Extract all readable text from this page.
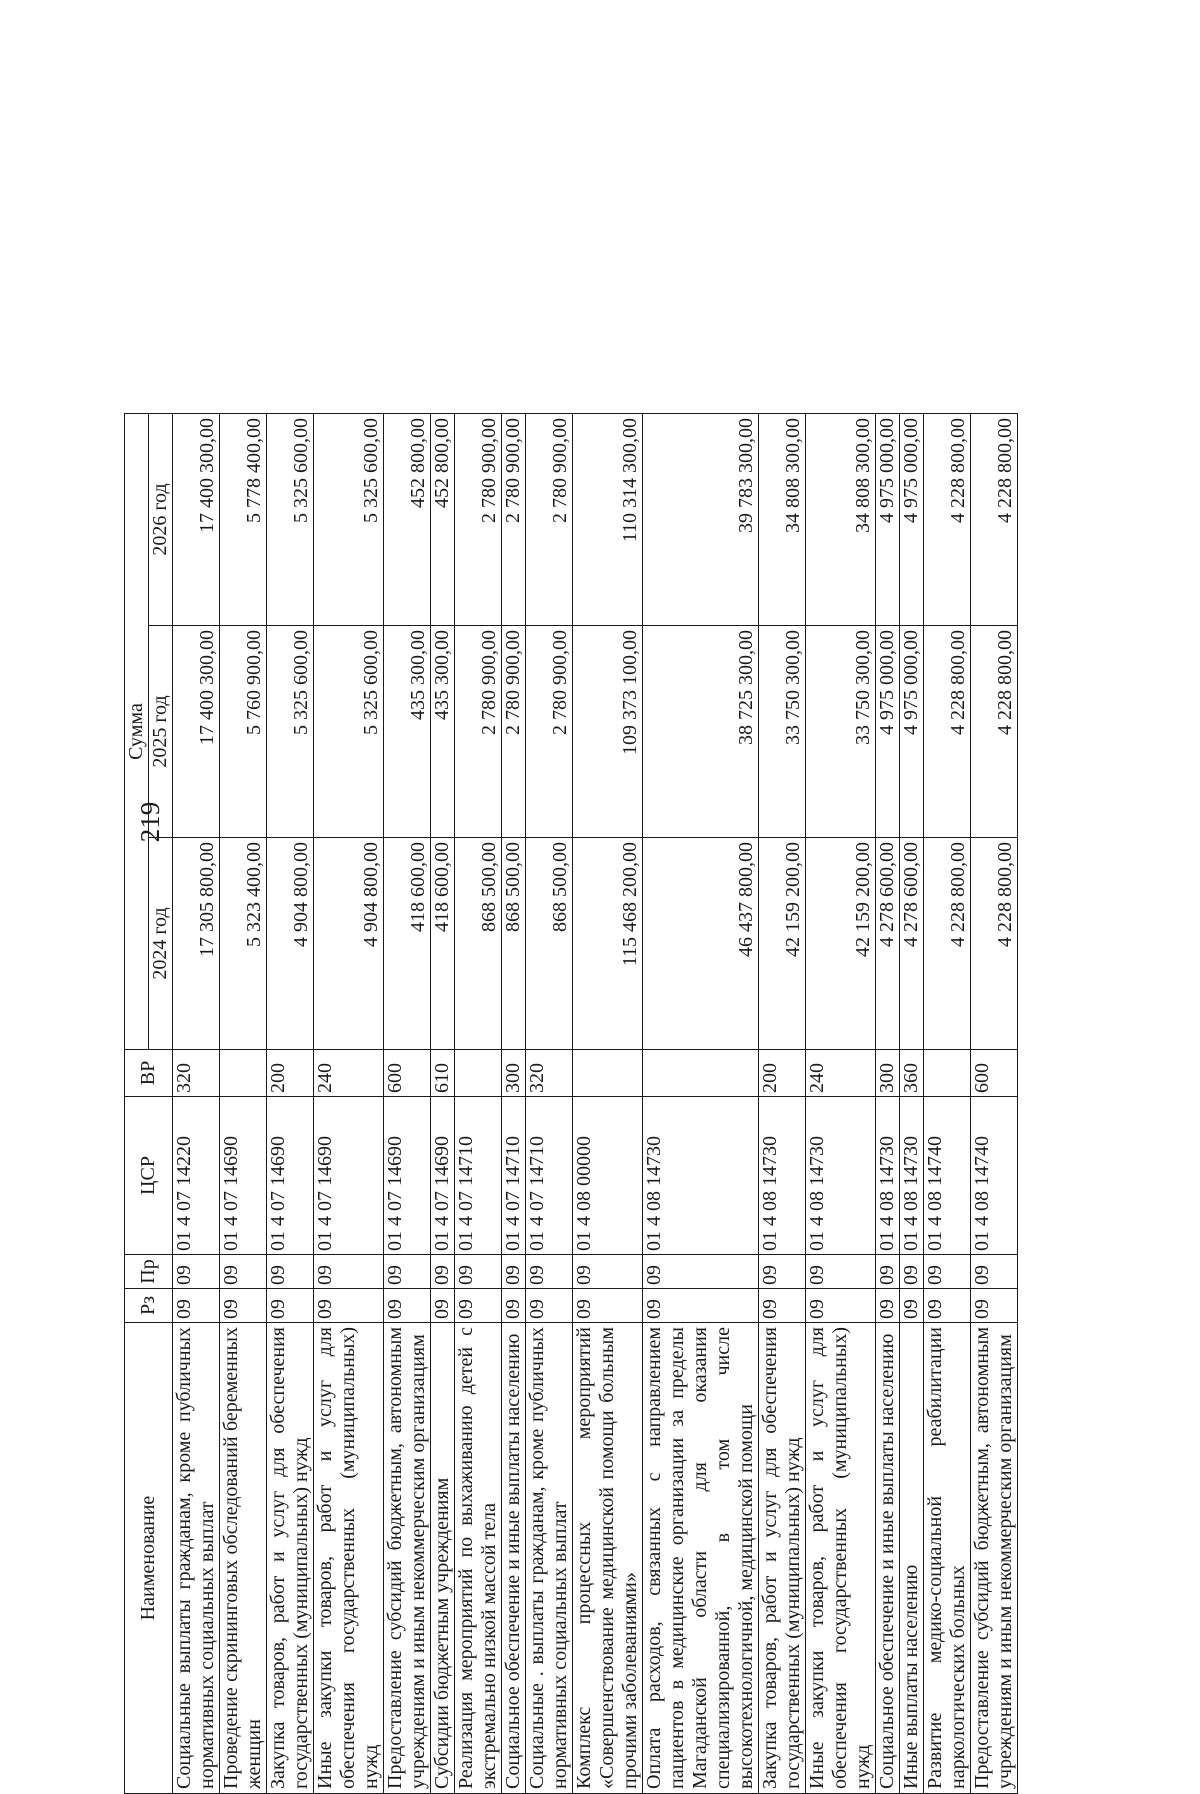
219
Наименование	Рз	Пр	ЦСР	ВР	Сумма		
					2024 год	2025 год	2026 год
Социальные выплаты гражданам, кроме публичных нормативных социальных выплат	09	09	01 4 07 14220	320	17 305 800,00	17 400 300,00	17 400 300,00
Проведение скрининговых обследований беременных женщин	09	09	01 4 07 14690		5 323 400,00	5 760 900,00	5 778 400,00
Закупка товаров, работ и услуг для обеспечения государственных (муниципальных) нужд	09	09	01 4 07 14690	200	4 904 800,00	5 325 600,00	5 325 600,00
Иные закупки товаров, работ и услуг для обеспечения государственных (муниципальных) нужд	09	09	01 4 07 14690	240	4 904 800,00	5 325 600,00	5 325 600,00
Предоставление субсидий бюджетным, автономным учреждениям и иным некоммерческим организациям	09	09	01 4 07 14690	600	418 600,00	435 300,00	452 800,00
Субсидии бюджетным учреждениям	09	09	01 4 07 14690	610	418 600,00	435 300,00	452 800,00
Реализация мероприятий по выхаживанию детей с экстремально низкой массой тела	09	09	01 4 07 14710		868 500,00	2 780 900,00	2 780 900,00
Социальное обеспечение и иные выплаты населению	09	09	01 4 07 14710	300	868 500,00	2 780 900,00	2 780 900,00
Социальные . выплаты гражданам, кроме публичных нормативных социальных выплат	09	09	01 4 07 14710	320	868 500,00	2 780 900,00	2 780 900,00
Комплекс процессных мероприятий «Совершенствование медицинской помощи больным прочими заболеваниями»	09	09	01 4 08 00000		115 468 200,00	109 373 100,00	110 314 300,00
Оплата расходов, связанных с направлением пациентов в медицинские организации за пределы Магаданской области для оказания специализированной, в том числе высокотехнологичной, медицинской помощи	09	09	01 4 08 14730		46 437 800,00	38 725 300,00	39 783 300,00
Закупка товаров, работ и услуг для обеспечения государственных (муниципальных) нужд	09	09	01 4 08 14730	200	42 159 200,00	33 750 300,00	34 808 300,00
Иные закупки товаров, работ и услуг для обеспечения государственных (муниципальных) нужд	09	09	01 4 08 14730	240	42 159 200,00	33 750 300,00	34 808 300,00
Социальное обеспечение и иные выплаты населению	09	09	01 4 08 14730	300	4 278 600,00	4 975 000,00	4 975 000,00
Иные выплаты населению	09	09	01 4 08 14730	360	4 278 600,00	4 975 000,00	4 975 000,00
Развитие медико-социальной реабилитации наркологических больных	09	09	01 4 08 14740		4 228 800,00	4 228 800,00	4 228 800,00
Предоставление субсидий бюджетным, автономным учреждениям и иным некоммерческим организациям	09	09	01 4 08 14740	600	4 228 800,00	4 228 800,00	4 228 800,00
